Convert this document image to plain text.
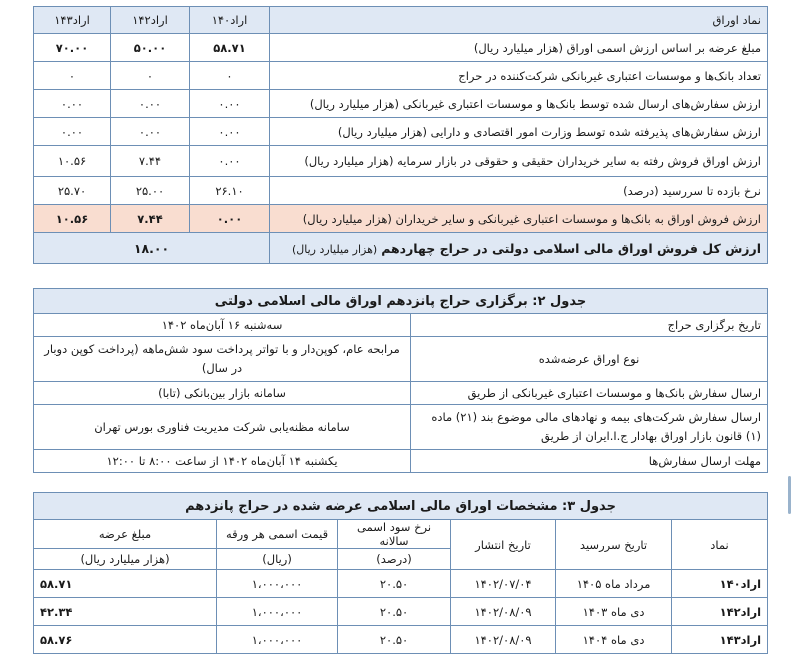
نماد اوراق	اراد۱۴۰	اراد۱۴۲	اراد۱۴۳
مبلغ عرضه بر اساس ارزش اسمی اوراق (هزار میلیارد ریال)	۵۸.۷۱	۵۰.۰۰	۷۰.۰۰
تعداد بانک‌ها و موسسات اعتباری غیربانکی شرکت‌کننده در حراج	۰	۰	۰
ارزش سفارش‌های ارسال شده توسط بانک‌ها و موسسات اعتباری غیربانکی (هزار میلیارد ریال)	۰.۰۰	۰.۰۰	۰.۰۰
ارزش سفارش‌های پذیرفته شده توسط وزارت امور اقتصادی و دارایی (هزار میلیارد ریال)	۰.۰۰	۰.۰۰	۰.۰۰
ارزش اوراق فروش رفته به سایر خریداران حقیقی و حقوقی در بازار سرمایه (هزار میلیارد ریال)	۰.۰۰	۷.۴۴	۱۰.۵۶
نرخ بازده تا سررسید (درصد)	۲۶.۱۰	۲۵.۰۰	۲۵.۷۰
ارزش فروش اوراق به بانک‌ها و موسسات اعتباری غیربانکی و سایر خریداران (هزار میلیارد ریال)	۰.۰۰	۷.۴۴	۱۰.۵۶
ارزش کل فروش اوراق مالی اسلامی دولتی در حراج چهاردهم (هزار میلیارد ریال)	۱۸.۰۰		
جدول ۲: برگزاری حراج پانزدهم اوراق مالی اسلامی دولتی	
تاریخ برگزاری حراج	سه‌شنبه ۱۶ آبان‌ماه ۱۴۰۲
نوع اوراق عرضه‌شده	مرابحه عام، کوپن‌دار و با تواتر پرداخت سود شش‌ماهه (پرداخت کوپن دوبار در سال)
ارسال سفارش بانک‌ها و موسسات اعتباری غیربانکی از طریق	سامانه بازار بین‌بانکی (تابا)
ارسال سفارش شرکت‌های بیمه و نهادهای مالی موضوع بند (۲۱) ماده (۱) قانون بازار اوراق بهادار ج.ا.ایران از طریق	سامانه مظنه‌یابی شرکت مدیریت فناوری بورس تهران
مهلت ارسال سفارش‌ها	یکشنبه ۱۴ آبان‌ماه ۱۴۰۲ از ساعت ۸:۰۰ تا ۱۲:۰۰
جدول ۳: مشخصات اوراق مالی اسلامی عرضه شده در حراج پانزدهم					
نماد	تاریخ سررسید	تاریخ انتشار	نرخ سود اسمی سالانه	قیمت اسمی هر ورقه	مبلغ عرضه
			(درصد)	(ریال)	(هزار میلیارد ریال)
اراد۱۴۰	مرداد ماه ۱۴۰۵	۱۴۰۲/۰۷/۰۴	۲۰.۵۰	۱،۰۰۰،۰۰۰	۵۸.۷۱
اراد۱۴۲	دی ماه ۱۴۰۳	۱۴۰۲/۰۸/۰۹	۲۰.۵۰	۱،۰۰۰،۰۰۰	۴۲.۳۴
اراد۱۴۳	دی ماه ۱۴۰۴	۱۴۰۲/۰۸/۰۹	۲۰.۵۰	۱،۰۰۰،۰۰۰	۵۸.۷۶
